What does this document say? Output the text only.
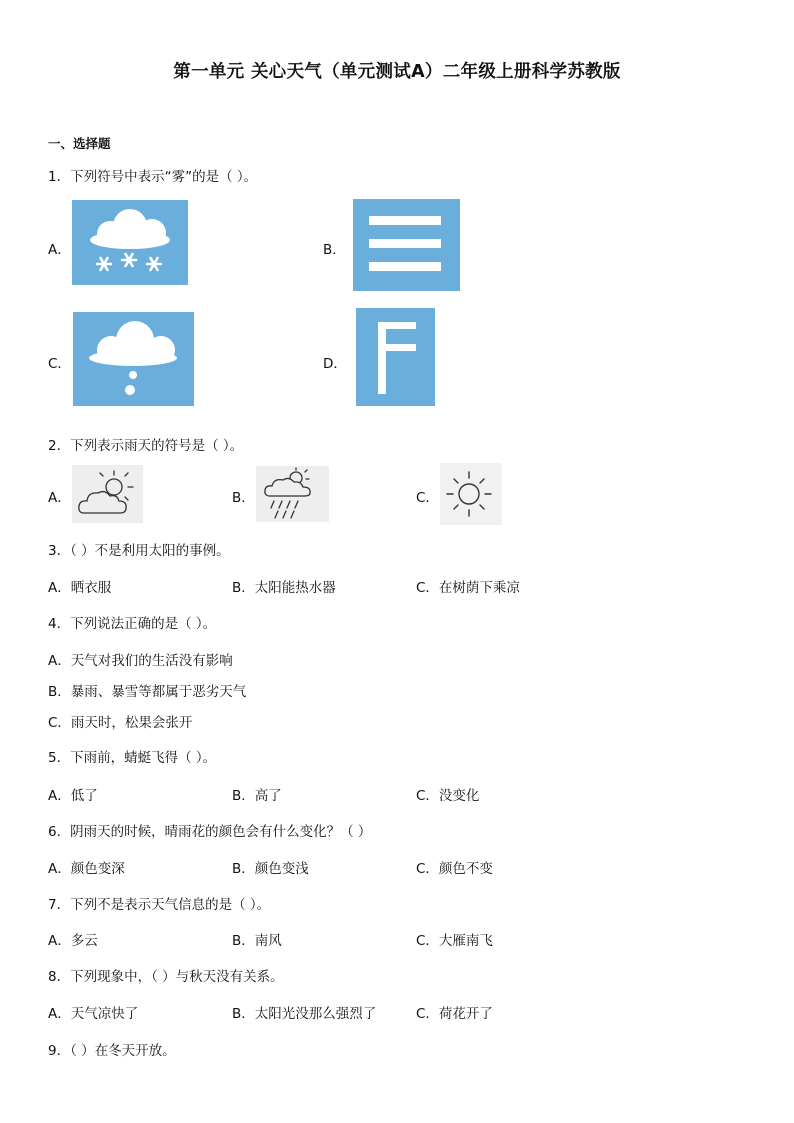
第一单元 关心天气（单元测试A）二年级上册科学苏教版
一、选择题
1．下列符号中表示“雾”的是（ ）。
A．	B．
C．	D．
2．下列表示雨天的符号是（ ）。
A．	B．	C．
3．（ ）不是利用太阳的事例。
A．晒衣服	B．太阳能热水器	C．在树荫下乘凉
4．下列说法正确的是（ ）。
A．天气对我们的生活没有影响
B．暴雨、暴雪等都属于恶劣天气
C．雨天时，松果会张开
5．下雨前，蜻蜓飞得（ ）。
A．低了	B．高了	C．没变化
6．阴雨天的时候，晴雨花的颜色会有什么变化？（ ）
A．颜色变深	B．颜色变浅	C．颜色不变
7．下列不是表示天气信息的是（ ）。
A．多云	B．南风	C．大雁南飞
8．下列现象中，（ ）与秋天没有关系。
A．天气凉快了	B．太阳光没那么强烈了	C．荷花开了
9．（ ）在冬天开放。
